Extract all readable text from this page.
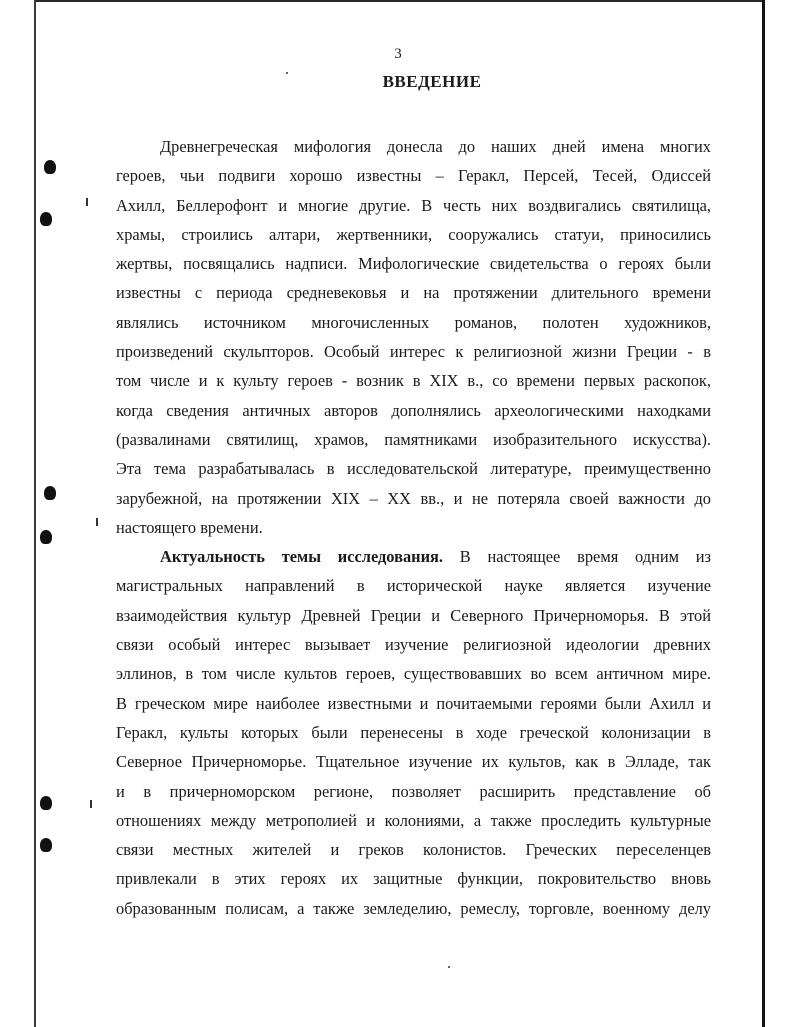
3
ВВЕДЕНИЕ
Древнегреческая мифология донесла до наших дней имена многих
героев, чьи подвиги хорошо известны – Геракл, Персей, Тесей, Одиссей
Ахилл, Беллерофонт и многие другие. В честь них воздвигались святилища,
храмы, строились алтари, жертвенники, сооружались статуи, приносились
жертвы, посвящались надписи. Мифологические свидетельства о героях были
известны с периода средневековья и на протяжении длительного времени
являлись источником многочисленных романов, полотен художников,
произведений скульпторов. Особый интерес к религиозной жизни Греции - в
том числе и к культу героев - возник в XIX в., со времени первых раскопок,
когда сведения античных авторов дополнялись археологическими находками
(развалинами святилищ, храмов, памятниками изобразительного искусства).
Эта тема разрабатывалась в исследовательской литературе, преимущественно
зарубежной, на протяжении XIX – XX вв., и не потеряла своей важности до
настоящего времени.
Актуальность темы исследования. В настоящее время одним из
магистральных направлений в исторической науке является изучение
взаимодействия культур Древней Греции и Северного Причерноморья. В этой
связи особый интерес вызывает изучение религиозной идеологии древних
эллинов, в том числе культов героев, существовавших во всем античном мире.
В греческом мире наиболее известными и почитаемыми героями были Ахилл и
Геракл, культы которых были перенесены в ходе греческой колонизации в
Северное Причерноморье. Тщательное изучение их культов, как в Элладе, так
и в причерноморском регионе, позволяет расширить представление об
отношениях между метрополией и колониями, а также проследить культурные
связи местных жителей и греков колонистов. Греческих переселенцев
привлекали в этих героях их защитные функции, покровительство вновь
образованным полисам, а также земледелию, ремеслу, торговле, военному делу
